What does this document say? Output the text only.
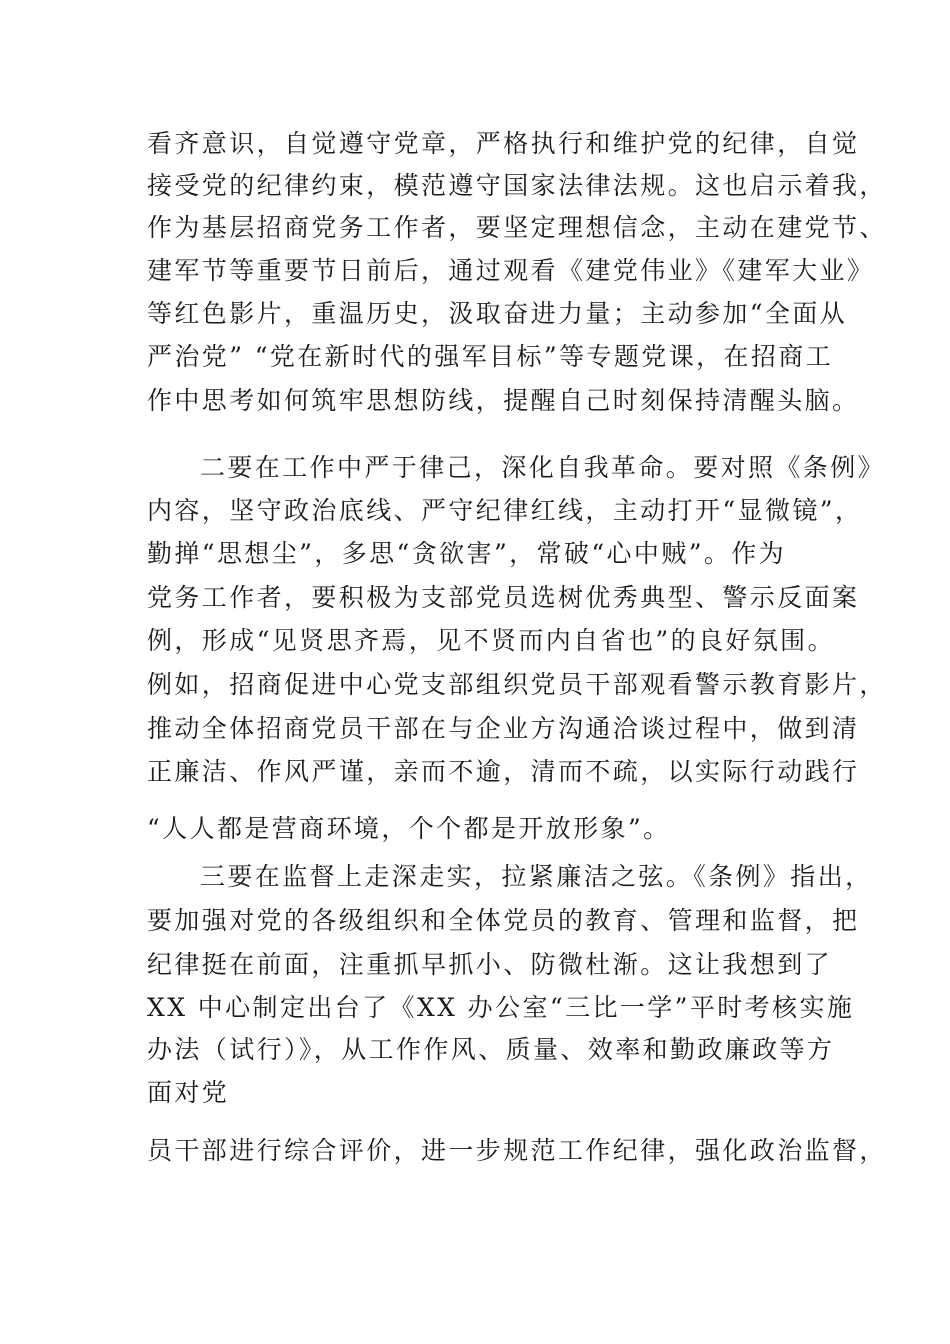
看齐意识，自觉遵守党章，严格执行和维护党的纪律，自觉
接受党的纪律约束，模范遵守国家法律法规。这也启示着我，
作为基层招商党务工作者，要坚定理想信念，主动在建党节、
建军节等重要节日前后，通过观看《建党伟业》《建军大业》
等红色影片，重温历史，汲取奋进力量；主动参加“全面从
严治党” “党在新时代的强军目标”等专题党课，在招商工
作中思考如何筑牢思想防线，提醒自己时刻保持清醒头脑。
二要在工作中严于律己，深化自我革命。要对照《条例》
内容，坚守政治底线、严守纪律红线，主动打开“显微镜”，
勤掸“思想尘”，多思“贪欲害”，常破“心中贼”。作为
党务工作者，要积极为支部党员选树优秀典型、警示反面案
例，形成“见贤思齐焉，见不贤而内自省也”的良好氛围。
例如，招商促进中心党支部组织党员干部观看警示教育影片，
推动全体招商党员干部在与企业方沟通洽谈过程中，做到清
正廉洁、作风严谨，亲而不逾，清而不疏，以实际行动践行
“人人都是营商环境，个个都是开放形象”。
三要在监督上走深走实，拉紧廉洁之弦。《条例》指出，
要加强对党的各级组织和全体党员的教育、管理和监督，把
纪律挺在前面，注重抓早抓小、防微杜渐。这让我想到了
XX 中心制定出台了《XX 办公室“三比一学”平时考核实施
办法（试行）》，从工作作风、质量、效率和勤政廉政等方
面对党
员干部进行综合评价，进一步规范工作纪律，强化政治监督，
